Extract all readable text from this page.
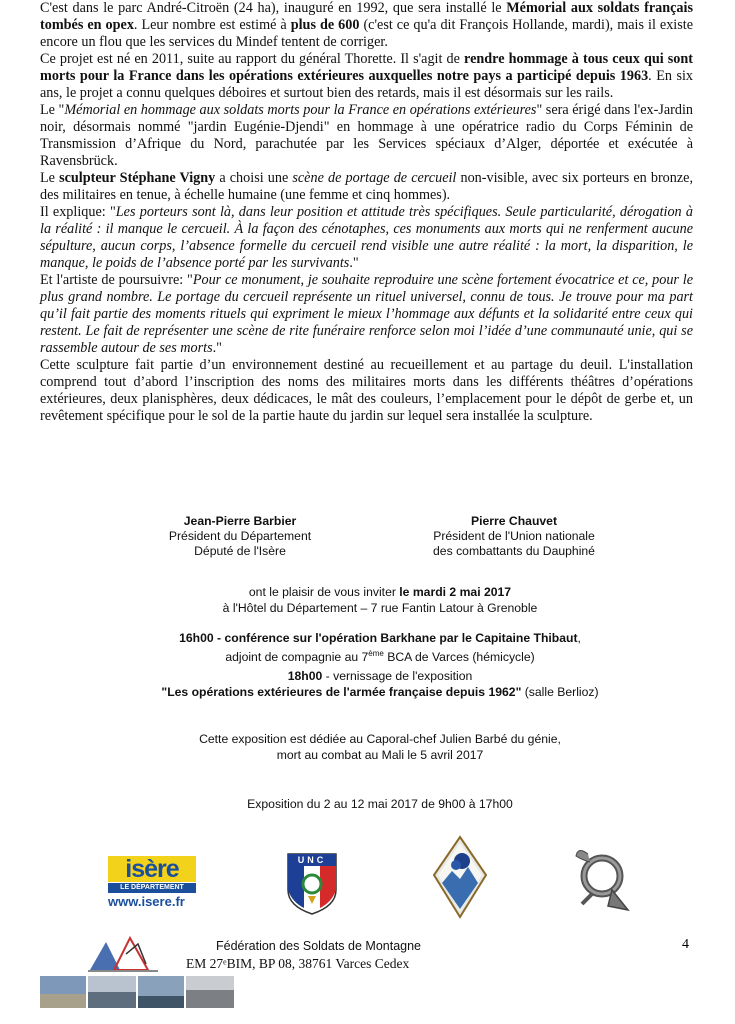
C'est dans le parc André-Citroën (24 ha), inauguré en 1992, que sera installé le Mémorial aux soldats français tombés en opex. Leur nombre est estimé à plus de 600 (c'est ce qu'a dit François Hollande, mardi), mais il existe encore un flou que les services du Mindef tentent de corriger.

Ce projet est né en 2011, suite au rapport du général Thorette. Il s'agit de rendre hommage à tous ceux qui sont morts pour la France dans les opérations extérieures auxquelles notre pays a participé depuis 1963. En six ans, le projet a connu quelques déboires et surtout bien des retards, mais il est désormais sur les rails.

Le "Mémorial en hommage aux soldats morts pour la France en opérations extérieures" sera érigé dans l'ex-Jardin noir, désormais nommé "jardin Eugénie-Djendi" en hommage à une opératrice radio du Corps Féminin de Transmission d’Afrique du Nord, parachutée par les Services spéciaux d’Alger, déportée et exécutée à Ravensbrück.

Le sculpteur Stéphane Vigny a choisi une scène de portage de cercueil non-visible, avec six porteurs en bronze, des militaires en tenue, à échelle humaine (une femme et cinq hommes).

Il explique: "Les porteurs sont là, dans leur position et attitude très spécifiques. Seule particularité, dérogation à la réalité : il manque le cercueil. À la façon des cénotaphes, ces monuments aux morts qui ne renferment aucune sépulture, aucun corps, l’absence formelle du cercueil rend visible une autre réalité : la mort, la disparition, le manque, le poids de l’absence porté par les survivants."

Et l'artiste de poursuivre: "Pour ce monument, je souhaite reproduire une scène fortement évocatrice et ce, pour le plus grand nombre. Le portage du cercueil représente un rituel universel, connu de tous. Je trouve pour ma part qu’il fait partie des moments rituels qui expriment le mieux l’hommage aux défunts et la solidarité entre ceux qui restent. Le fait de représenter une scène de rite funéraire renforce selon moi l’idée d’une communauté unie, qui se rassemble autour de ses morts."

Cette sculpture fait partie d’un environnement destiné au recueillement et au partage du deuil. L'installation comprend tout d’abord l’inscription des noms des militaires morts dans les différents théâtres d’opérations extérieures, deux planisphères, deux dédicaces, le mât des couleurs, l’emplacement pour le dépôt de gerbe et, un revêtement spécifique pour le sol de la partie haute du jardin sur lequel sera installée la sculpture.

Jean-Pierre Barbier
Président du Département
Député de l'Isère
Pierre Chauvet
Président de l'Union nationale
des combattants du Dauphiné
ont le plaisir de vous inviter le mardi 2 mai 2017
à l'Hôtel du Département – 7 rue Fantin Latour à Grenoble
16h00 - conférence sur l'opération Barkhane par le Capitaine Thibaut,
adjoint de compagnie au 7ème BCA de Varces (hémicycle)
18h00 - vernissage de l'exposition
"Les opérations extérieures de l'armée française depuis 1962" (salle Berlioz)
Cette exposition est dédiée au Caporal-chef Julien Barbé du génie,
mort au combat au Mali le 5 avril 2017
Exposition du 2 au 12 mai 2017 de 9h00 à 17h00
isère
LE DÉPARTEMENT
www.isere.fr
UNC
Fédération des Soldats de Montagne
EM 27ᵉBIM, BP 08, 38761 Varces Cedex
4
